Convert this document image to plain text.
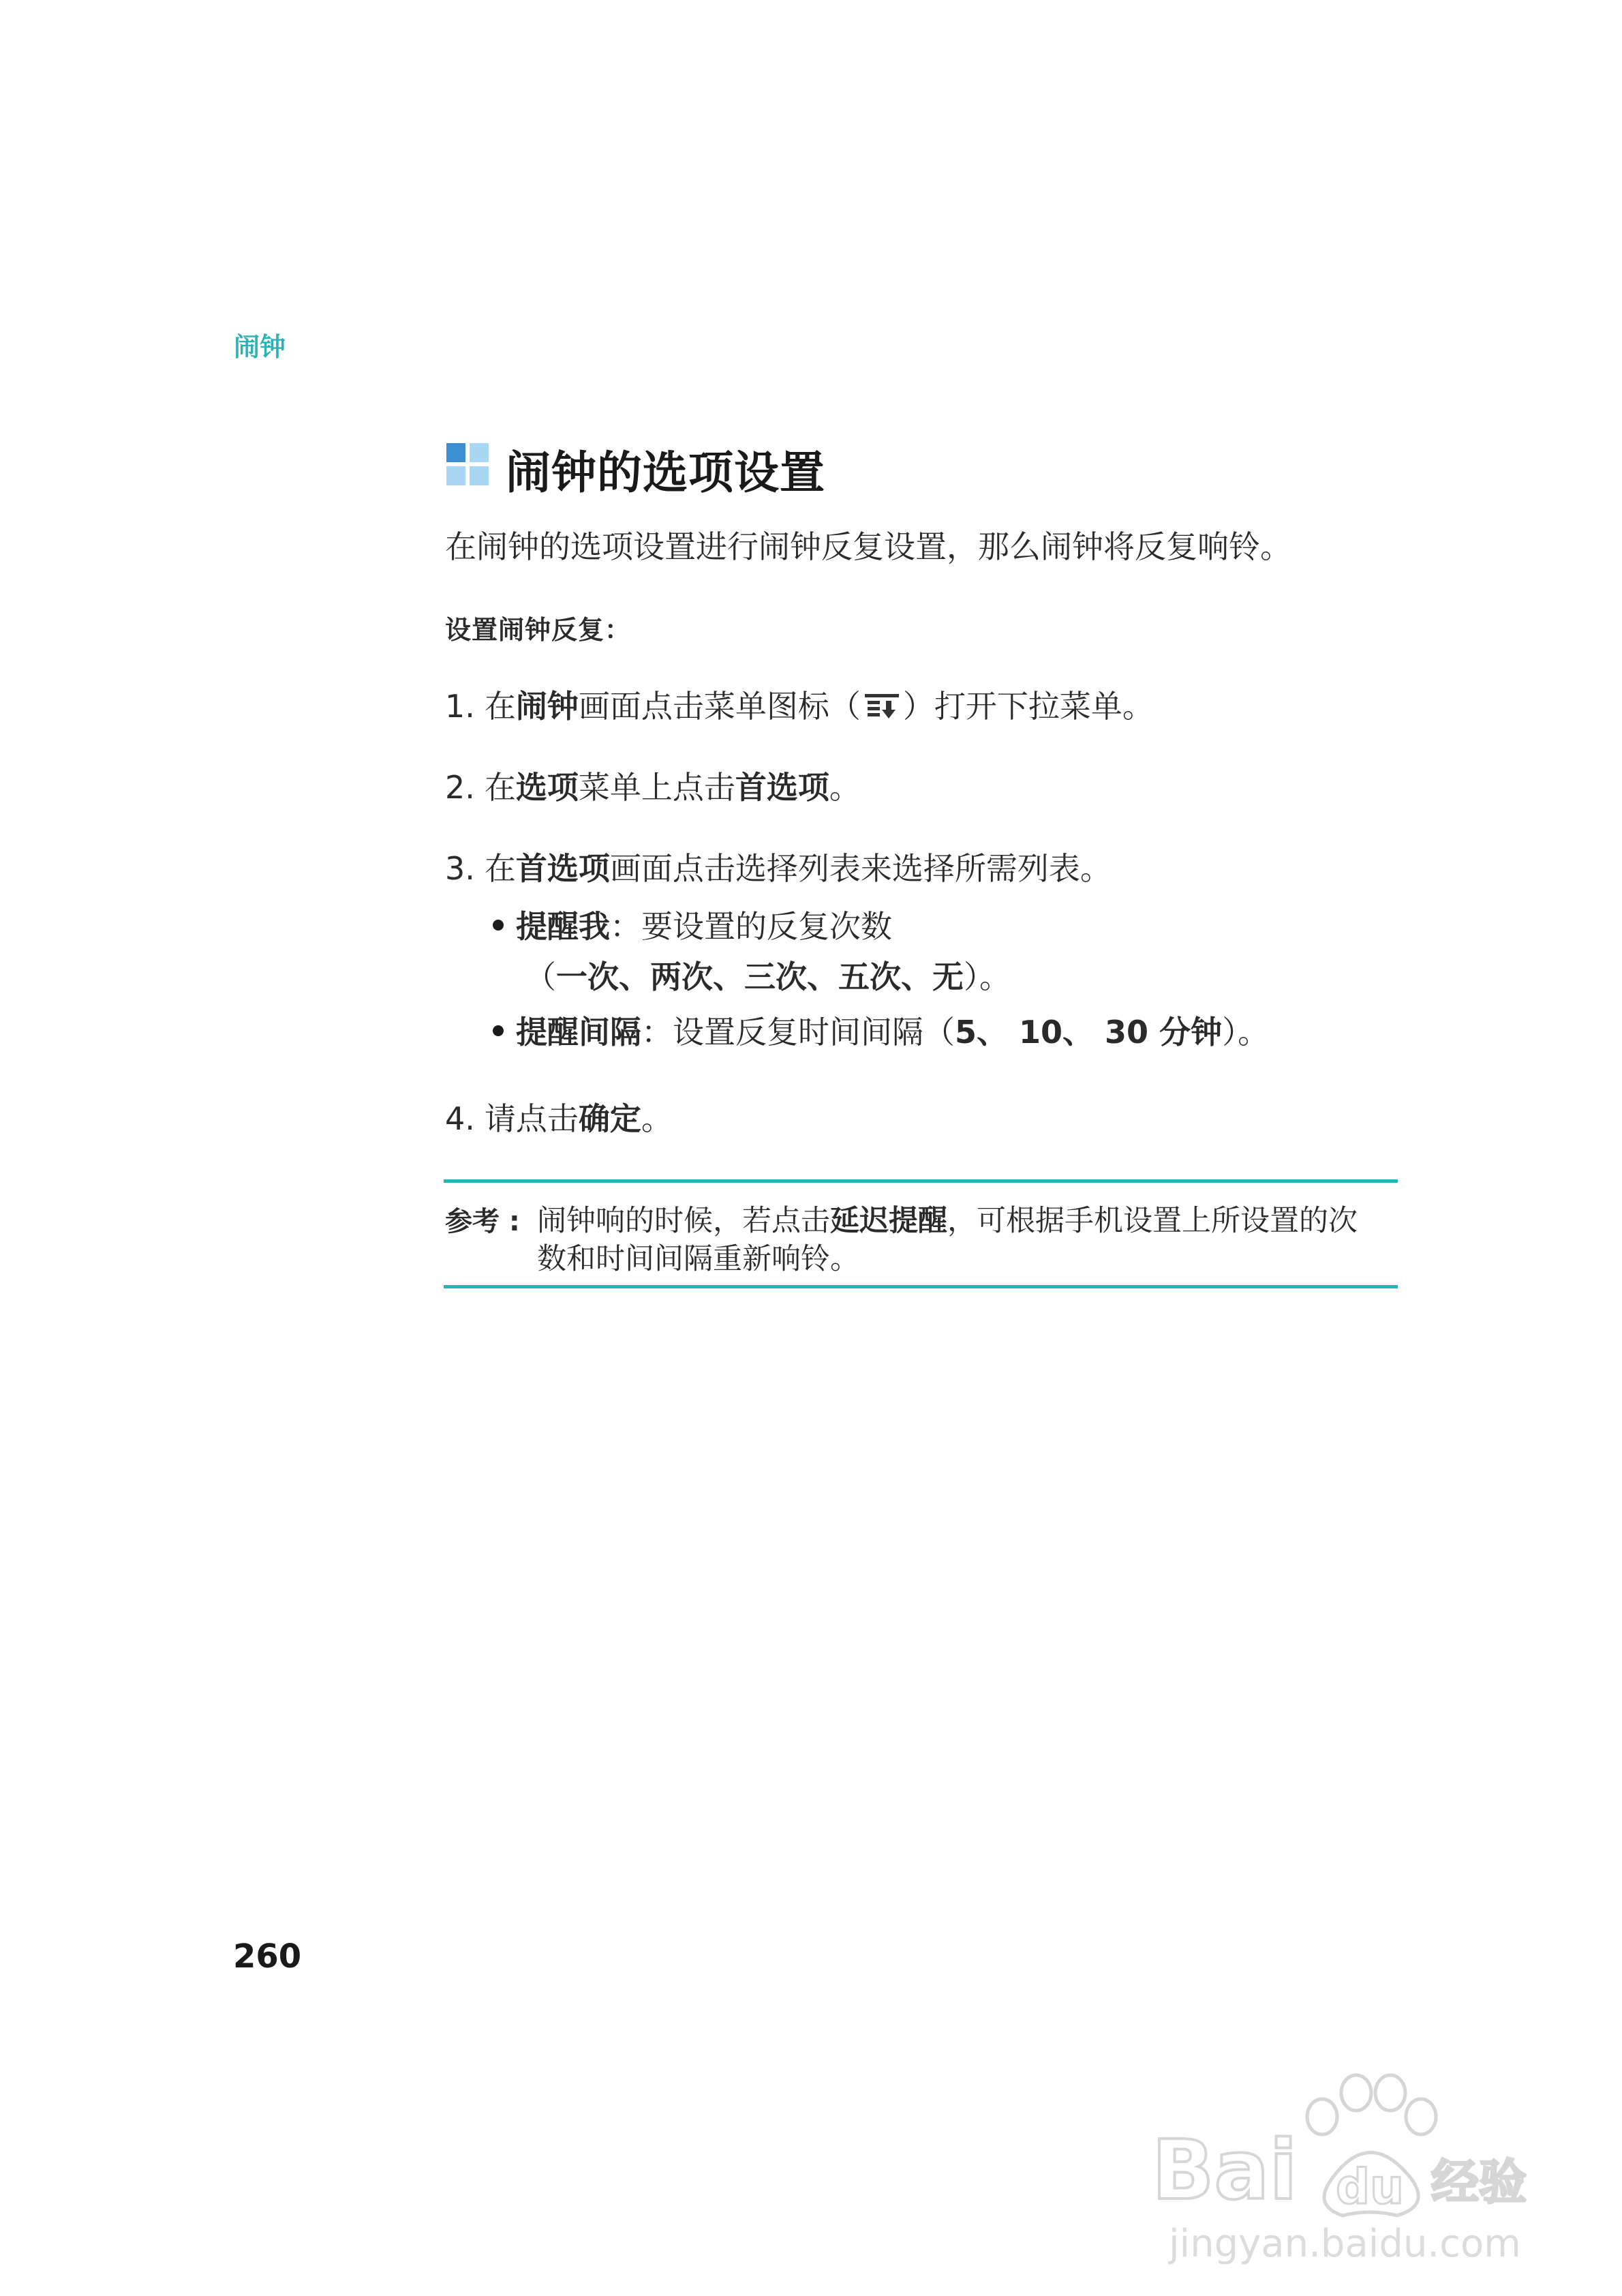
闹钟
闹钟的选项设置
在闹钟的选项设置进行闹钟反复设置，那么闹钟将反复响铃。
设置闹钟反复：
1. 在闹钟画面点击菜单图标（ ）打开下拉菜单。
2. 在选项菜单上点击首选项。
3. 在首选项画面点击选择列表来选择所需列表。
提醒我：要设置的反复次数
（一次、两次、三次、五次、无）。
提醒间隔：设置反复时间间隔（5、 10、 30 分钟）。
4. 请点击确定。
参考 : 闹钟响的时候，若点击延迟提醒，可根据手机设置上所设置的次
数和时间间隔重新响铃。
260
Bai du 经验
jingyan.baidu.com
